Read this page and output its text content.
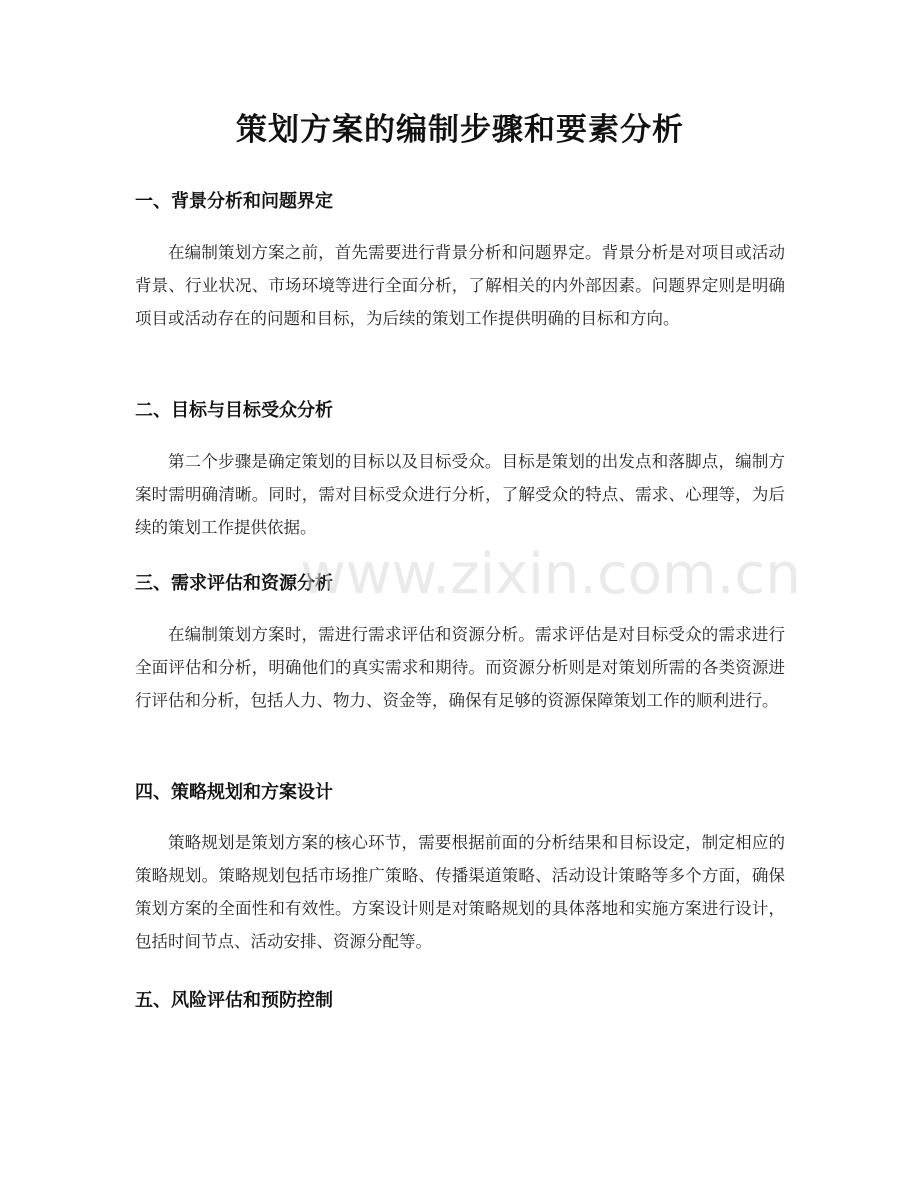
策划方案的编制步骤和要素分析
一、背景分析和问题界定

在编制策划方案之前，首先需要进行背景分析和问题界定。背景分析是对项目或活动背景、行业状况、市场环境等进行全面分析，了解相关的内外部因素。问题界定则是明确项目或活动存在的问题和目标，为后续的策划工作提供明确的目标和方向。

二、目标与目标受众分析

第二个步骤是确定策划的目标以及目标受众。目标是策划的出发点和落脚点，编制方案时需明确清晰。同时，需对目标受众进行分析，了解受众的特点、需求、心理等，为后续的策划工作提供依据。

三、需求评估和资源分析

在编制策划方案时，需进行需求评估和资源分析。需求评估是对目标受众的需求进行全面评估和分析，明确他们的真实需求和期待。而资源分析则是对策划所需的各类资源进行评估和分析，包括人力、物力、资金等，确保有足够的资源保障策划工作的顺利进行。

四、策略规划和方案设计

策略规划是策划方案的核心环节，需要根据前面的分析结果和目标设定，制定相应的策略规划。策略规划包括市场推广策略、传播渠道策略、活动设计策略等多个方面，确保策划方案的全面性和有效性。方案设计则是对策略规划的具体落地和实施方案进行设计，包括时间节点、活动安排、资源分配等。

五、风险评估和预防控制
www.zixin.com.cn
